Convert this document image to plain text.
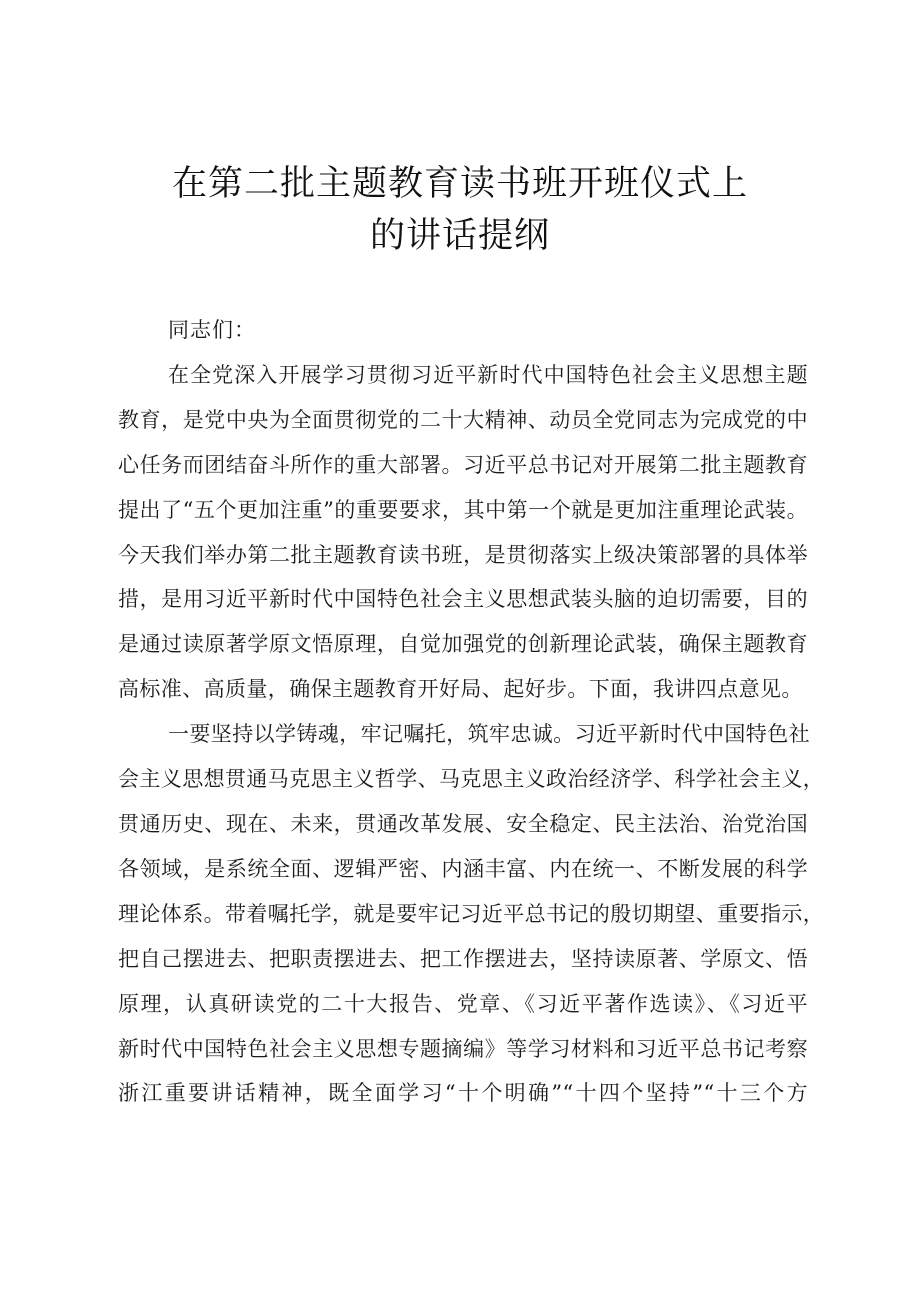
在第二批主题教育读书班开班仪式上
的讲话提纲

同志们：

在全党深入开展学习贯彻习近平新时代中国特色社会主义思想主题
教育，是党中央为全面贯彻党的二十大精神、动员全党同志为完成党的中
心任务而团结奋斗所作的重大部署。习近平总书记对开展第二批主题教育
提出了“五个更加注重”的重要要求，其中第一个就是更加注重理论武装。
今天我们举办第二批主题教育读书班，是贯彻落实上级决策部署的具体举
措，是用习近平新时代中国特色社会主义思想武装头脑的迫切需要，目的
是通过读原著学原文悟原理，自觉加强党的创新理论武装，确保主题教育
高标准、高质量，确保主题教育开好局、起好步。下面，我讲四点意见。

一要坚持以学铸魂，牢记嘱托，筑牢忠诚。习近平新时代中国特色社
会主义思想贯通马克思主义哲学、马克思主义政治经济学、科学社会主义，
贯通历史、现在、未来，贯通改革发展、安全稳定、民主法治、治党治国
各领域，是系统全面、逻辑严密、内涵丰富、内在统一、不断发展的科学
理论体系。带着嘱托学，就是要牢记习近平总书记的殷切期望、重要指示，
把自己摆进去、把职责摆进去、把工作摆进去，坚持读原著、学原文、悟
原理，认真研读党的二十大报告、党章、《习近平著作选读》、《习近平
新时代中国特色社会主义思想专题摘编》等学习材料和习近平总书记考察
浙江重要讲话精神，既全面学习“十个明确”“十四个坚持”“十三个方
